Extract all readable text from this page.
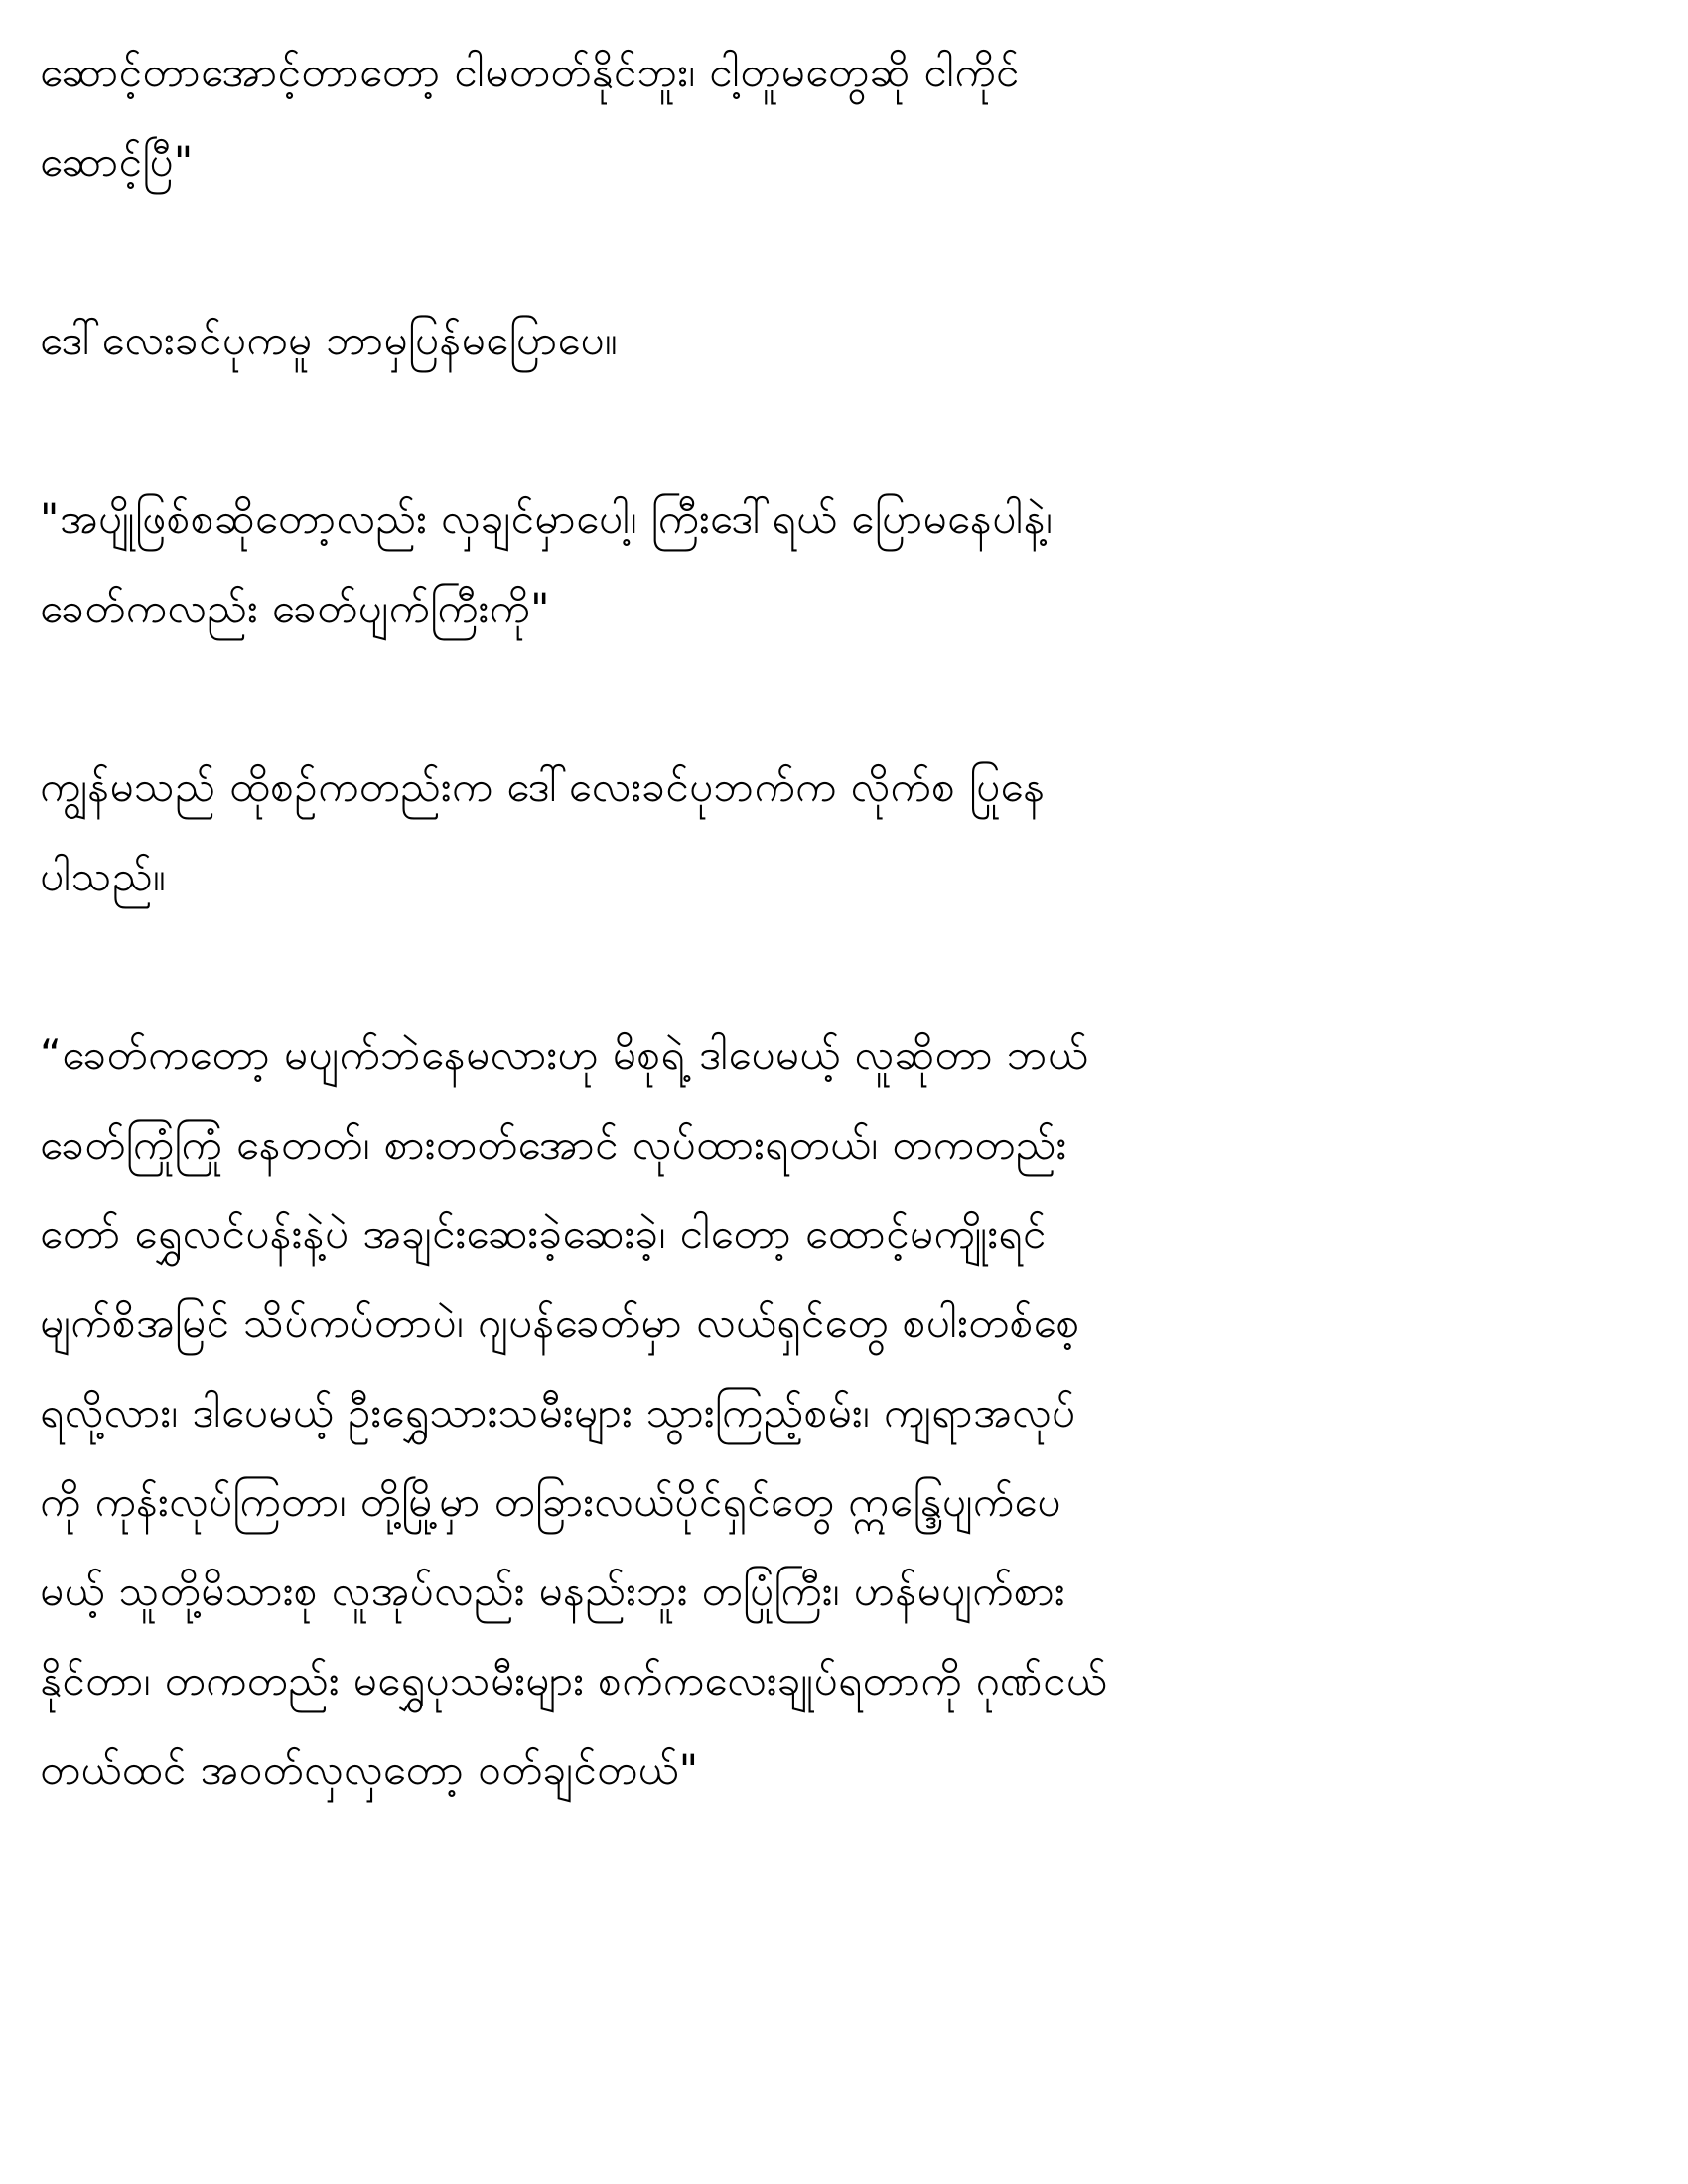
ဆောင့်တာအောင့်တာတော့ ငါမတတ်နိုင်ဘူး၊ ငါ့တူမတွေဆို ငါကိုင်
ဆောင့်ပြီ"

ဒေါ်လေးခင်ပုကမူ ဘာမှပြန်မပြောပေ။

"အပျိုဖြစ်စဆိုတော့လည်း လှချင်မှာပေါ့၊ ကြီးဒေါ်ရယ် ပြောမနေပါနဲ့၊
ခေတ်ကလည်း ခေတ်ပျက်ကြီးကို"

ကျွန်မသည် ထိုစဉ်ကတည်းက ဒေါ်လေးခင်ပုဘက်က လိုက်စ ပြုနေ
ပါသည်။

“ခေတ်ကတော့ မပျက်ဘဲနေမလားဟု မိစုရဲ့ ဒါပေမယ့် လူဆိုတာ ဘယ်
ခေတ်ကြုံကြုံ နေတတ်၊ စားတတ်အောင် လုပ်ထားရတယ်၊ တကတည်း
တော် ရွှေလင်ပန်းနဲ့ပဲ အချင်းဆေးခဲ့ဆေးခဲ့၊ ငါတော့ ထောင့်မကျိုးရင်
မျက်စိအမြင် သိပ်ကပ်တာပဲ၊ ဂျပန်ခေတ်မှာ လယ်ရှင်တွေ စပါးတစ်စေ့
ရလို့လား၊ ဒါပေမယ့် ဦးရွှေသားသမီးများ သွားကြည့်စမ်း၊ ကျရာအလုပ်
ကို ကုန်းလုပ်ကြတာ၊ တို့မြို့မှာ တခြားလယ်ပိုင်ရှင်တွေ ဣန္ဒြေပျက်ပေ
မယ့် သူတို့မိသားစု လူအုပ်လည်း မနည်းဘူး တပြုံကြီး၊ ဟန်မပျက်စား
နိုင်တာ၊ တကတည်း မရွှေပုသမီးများ စက်ကလေးချုပ်ရတာကို ဂုဏ်ငယ်
တယ်ထင် အဝတ်လှလှတော့ ဝတ်ချင်တယ်"
